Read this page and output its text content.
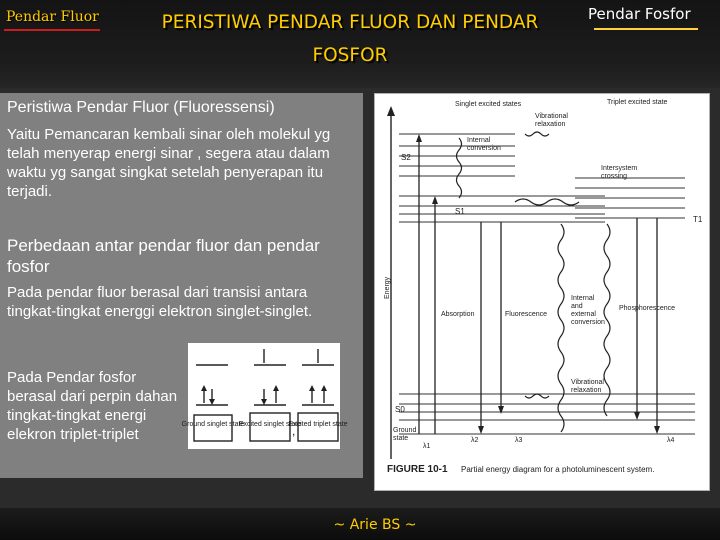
Pendar Fluor	PERISTIWA PENDAR FLUOR DAN PENDAR FOSFOR
Pendar Fosfor
Peristiwa Pendar Fluor (Fluoressensi)
Yaitu Pemancaran kembali sinar oleh molekul yg telah menyerap energi sinar , segera atau dalam waktu yg sangat singkat setelah penyerapan itu terjadi.
Perbedaan antar pendar fluor dan pendar fosfor
Pada pendar fluor berasal dari transisi antara tingkat-tingkat energgi elektron singlet-singlet.
Pada Pendar fosfor berasal dari perpin dahan tingkat-tingkat energi elekron triplet-triplet
Ground singlet state
Excited singlet state
Excited triplet state
,
Energy
Singlet excited states	Triplet excited state
Internal conversion
Vibrational relaxation
Intersystem crossing
S2
S1
T1
Absorption	Fluorescence
Internal and external conversion
Phosphorescence
Vibrational relaxation
S0
Ground state
λ1
λ2	λ3	λ4
FIGURE 10-1 Partial energy diagram for a photoluminescent system.
~ Arie BS ~
